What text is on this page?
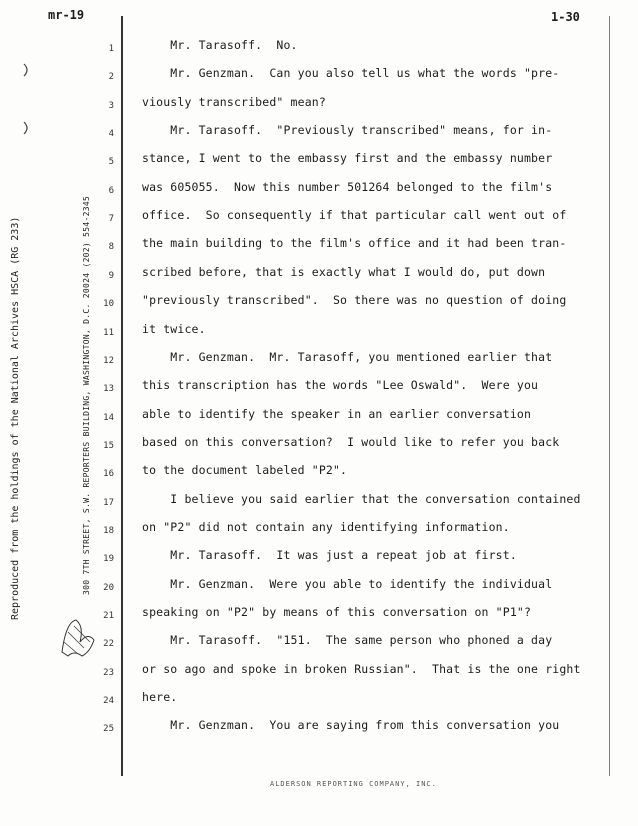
mr-19	1-30
Reproduced from the holdings of the National Archives HSCA (RG 233)	300 7TH STREET, S.W. REPORTERS BUILDING, WASHINGTON, D.C. 20024 (202) 554-2345
1
2
3
4
5
6
7
8
9
10
11
12
13
14
15
16
17
18
19
20
21
22
23
24
25
Mr. Tarasoff.  No.
Mr. Genzman.  Can you also tell us what the words "pre-
viously transcribed" mean?
Mr. Tarasoff.  "Previously transcribed" means, for in-
stance, I went to the embassy first and the embassy number
was 605055.  Now this number 501264 belonged to the film's
office.  So consequently if that particular call went out of
the main building to the film's office and it had been tran-
scribed before, that is exactly what I would do, put down
"previously transcribed".  So there was no question of doing
it twice.
Mr. Genzman.  Mr. Tarasoff, you mentioned earlier that
this transcription has the words "Lee Oswald".  Were you
able to identify the speaker in an earlier conversation
based on this conversation?  I would like to refer you back
to the document labeled "P2".
I believe you said earlier that the conversation contained
on "P2" did not contain any identifying information.
Mr. Tarasoff.  It was just a repeat job at first.
Mr. Genzman.  Were you able to identify the individual
speaking on "P2" by means of this conversation on "P1"?
Mr. Tarasoff.  "151.  The same person who phoned a day
or so ago and spoke in broken Russian".  That is the one right
here.
Mr. Genzman.  You are saying from this conversation you
ALDERSON REPORTING COMPANY, INC.
